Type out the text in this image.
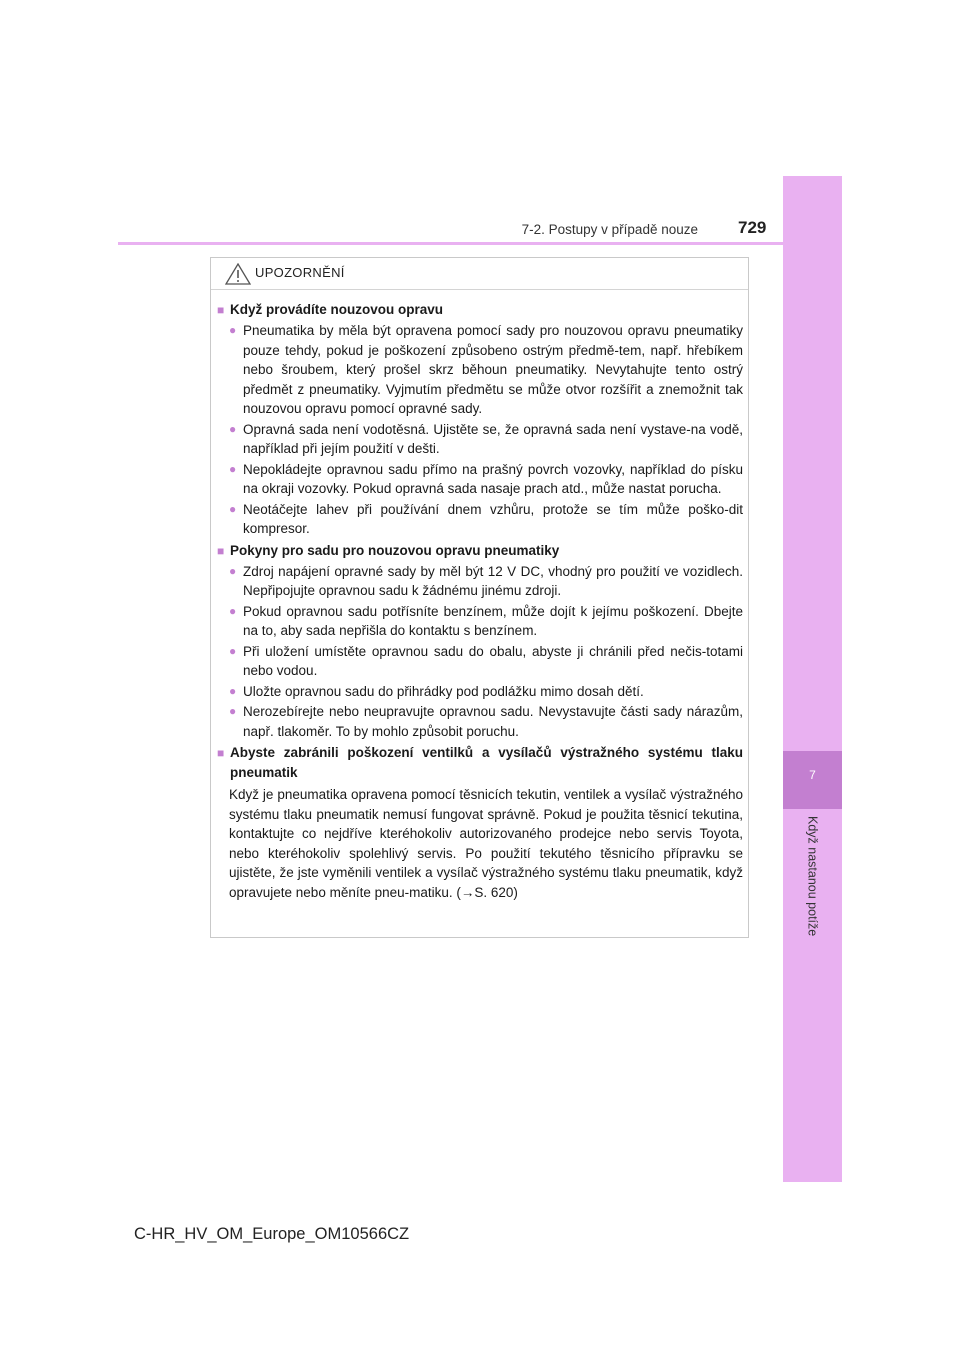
7
Když nastanou potíže
7-2. Postupy v případě nouze 729
UPOZORNĚNÍ
■ Když provádíte nouzovou opravu
● Pneumatika by měla být opravena pomocí sady pro nouzovou opravu pneumatiky pouze tehdy, pokud je poškození způsobeno ostrým předmě-tem, např. hřebíkem nebo šroubem, který prošel skrz běhoun pneumatiky. Nevytahujte tento ostrý předmět z pneumatiky. Vyjmutím předmětu se může otvor rozšířit a znemožnit tak nouzovou opravu pomocí opravné sady.
● Opravná sada není vodotěsná. Ujistěte se, že opravná sada není vystave-na vodě, například při jejím použití v dešti.
● Nepokládejte opravnou sadu přímo na prašný povrch vozovky, například do písku na okraji vozovky. Pokud opravná sada nasaje prach atd., může nastat porucha.
● Neotáčejte lahev při používání dnem vzhůru, protože se tím může poško-dit kompresor.
■ Pokyny pro sadu pro nouzovou opravu pneumatiky
● Zdroj napájení opravné sady by měl být 12 V DC, vhodný pro použití ve vozidlech. Nepřipojujte opravnou sadu k žádnému jinému zdroji.
● Pokud opravnou sadu potřísníte benzínem, může dojít k jejímu poškození. Dbejte na to, aby sada nepřišla do kontaktu s benzínem.
● Při uložení umístěte opravnou sadu do obalu, abyste ji chránili před nečis-totami nebo vodou.
● Uložte opravnou sadu do přihrádky pod podlážku mimo dosah dětí.
● Nerozebírejte nebo neupravujte opravnou sadu. Nevystavujte části sady nárazům, např. tlakoměr. To by mohlo způsobit poruchu.
■ Abyste zabránili poškození ventilků a vysílačů výstražného systému tlaku pneumatik
Když je pneumatika opravena pomocí těsnicích tekutin, ventilek a vysílač výstražného systému tlaku pneumatik nemusí fungovat správně. Pokud je použita těsnicí tekutina, kontaktujte co nejdříve kteréhokoliv autorizovaného prodejce nebo servis Toyota, nebo kteréhokoliv spolehlivý servis. Po použití tekutého těsnicího přípravku se ujistěte, že jste vyměnili ventilek a vysílač výstražného systému tlaku pneumatik, když opravujete nebo měníte pneu-matiku. (→S. 620)
C-HR_HV_OM_Europe_OM10566CZ
